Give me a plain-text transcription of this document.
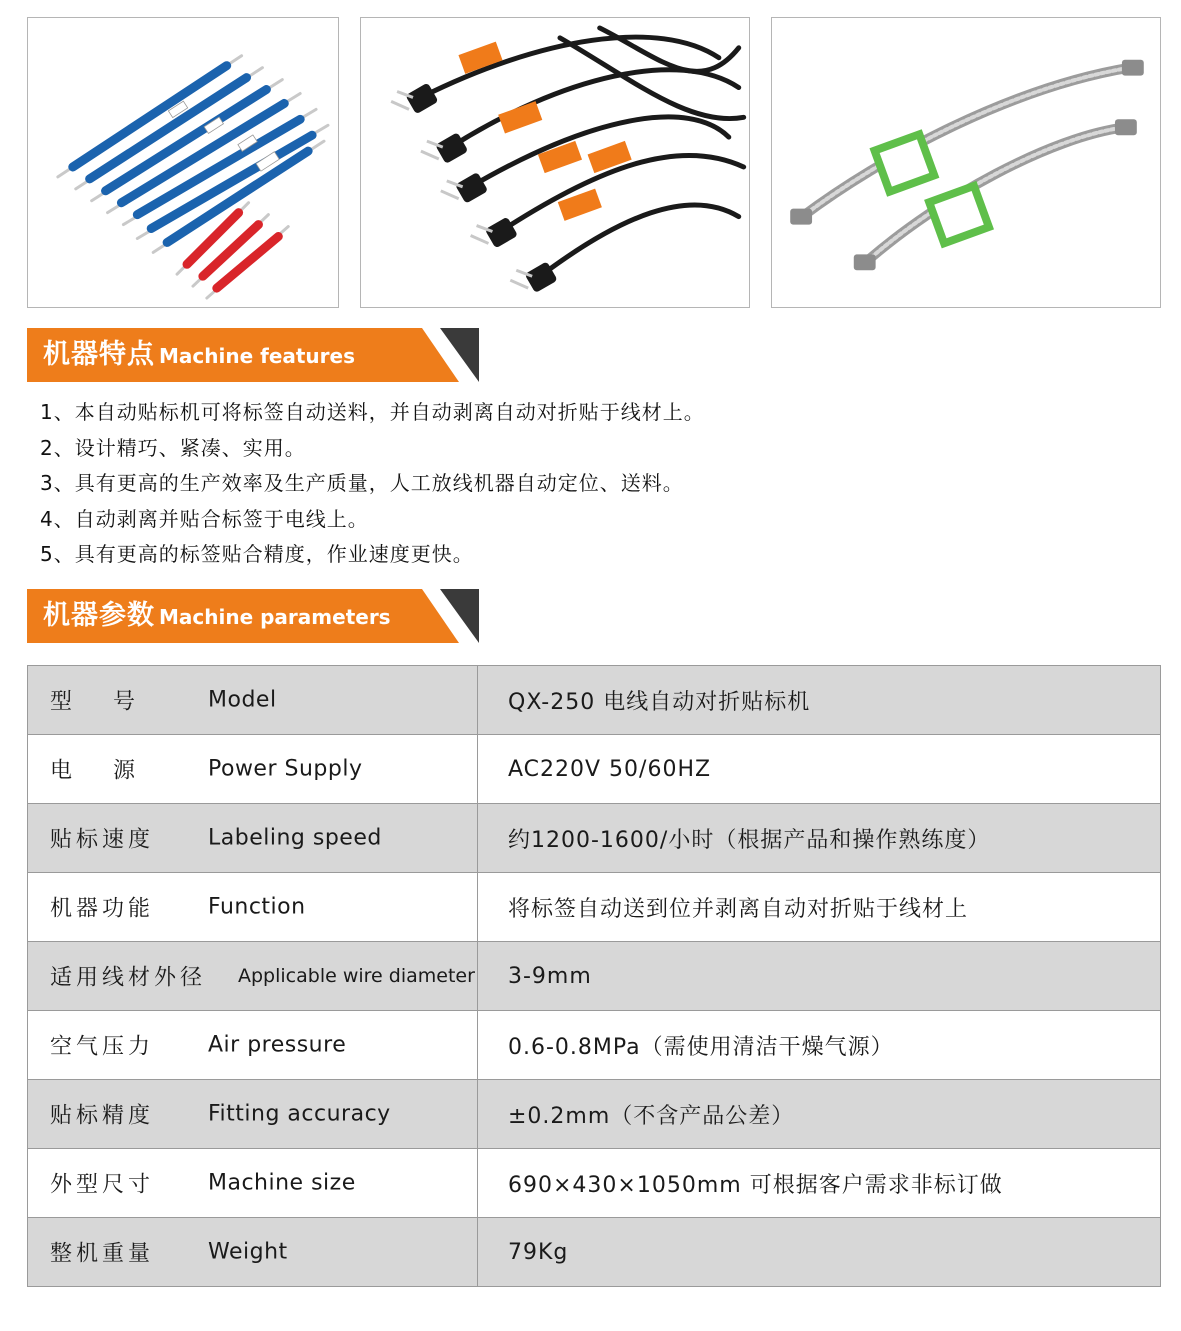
机器特点 Machine features
1、本自动贴标机可将标签自动送料，并自动剥离自动对折贴于线材上。
2、设计精巧、紧凑、实用。
3、具有更高的生产效率及生产质量，人工放线机器自动定位、送料。
4、自动剥离并贴合标签于电线上。
5、具有更高的标签贴合精度，作业速度更快。
机器参数 Machine parameters
型　 号 Model	QX-250 电线自动对折贴标机

电　 源 Power Supply	AC220V 50/60HZ

贴标速度 Labeling speed	约1200-1600/小时（根据产品和操作熟练度）

机器功能 Function	将标签自动送到位并剥离自动对折贴于线材上

适用线材外径 Applicable wire diameter	3-9mm

空气压力 Air pressure	0.6-0.8MPa（需使用清洁干燥气源）

贴标精度 Fitting accuracy	±0.2mm（不含产品公差）

外型尺寸 Machine size	690×430×1050mm 可根据客户需求非标订做

整机重量 Weight	79Kg
